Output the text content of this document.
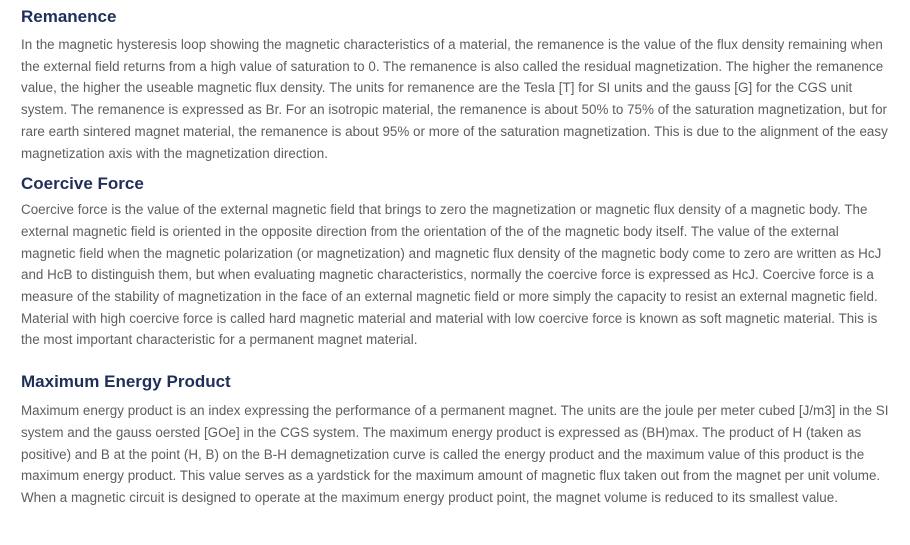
Remanence

In the magnetic hysteresis loop showing the magnetic characteristics of a material, the remanence is the value of the flux density remaining when the external field returns from a high value of saturation to 0. The remanence is also called the residual magnetization. The higher the remanence value, the higher the useable magnetic flux density. The units for remanence are the Tesla [T] for SI units and the gauss [G] for the CGS unit system. The remanence is expressed as Br. For an isotropic material, the remanence is about 50% to 75% of the saturation magnetization, but for rare earth sintered magnet material, the remanence is about 95% or more of the saturation magnetization. This is due to the alignment of the easy magnetization axis with the magnetization direction.

Coercive Force

Coercive force is the value of the external magnetic field that brings to zero the magnetization or magnetic flux density of a magnetic body. The external magnetic field is oriented in the opposite direction from the orientation of the of the magnetic body itself. The value of the external magnetic field when the magnetic polarization (or magnetization) and magnetic flux density of the magnetic body come to zero are written as HcJ and HcB to distinguish them, but when evaluating magnetic characteristics, normally the coercive force is expressed as HcJ. Coercive force is a measure of the stability of magnetization in the face of an external magnetic field or more simply the capacity to resist an external magnetic field. Material with high coercive force is called hard magnetic material and material with low coercive force is known as soft magnetic material. This is the most important characteristic for a permanent magnet material.

Maximum Energy Product

Maximum energy product is an index expressing the performance of a permanent magnet. The units are the joule per meter cubed [J/m3] in the SI system and the gauss oersted [GOe] in the CGS system. The maximum energy product is expressed as (BH)max. The product of H (taken as positive) and B at the point (H, B) on the B-H demagnetization curve is called the energy product and the maximum value of this product is the maximum energy product. This value serves as a yardstick for the maximum amount of magnetic flux taken out from the magnet per unit volume. When a magnetic circuit is designed to operate at the maximum energy product point, the magnet volume is reduced to its smallest value.
